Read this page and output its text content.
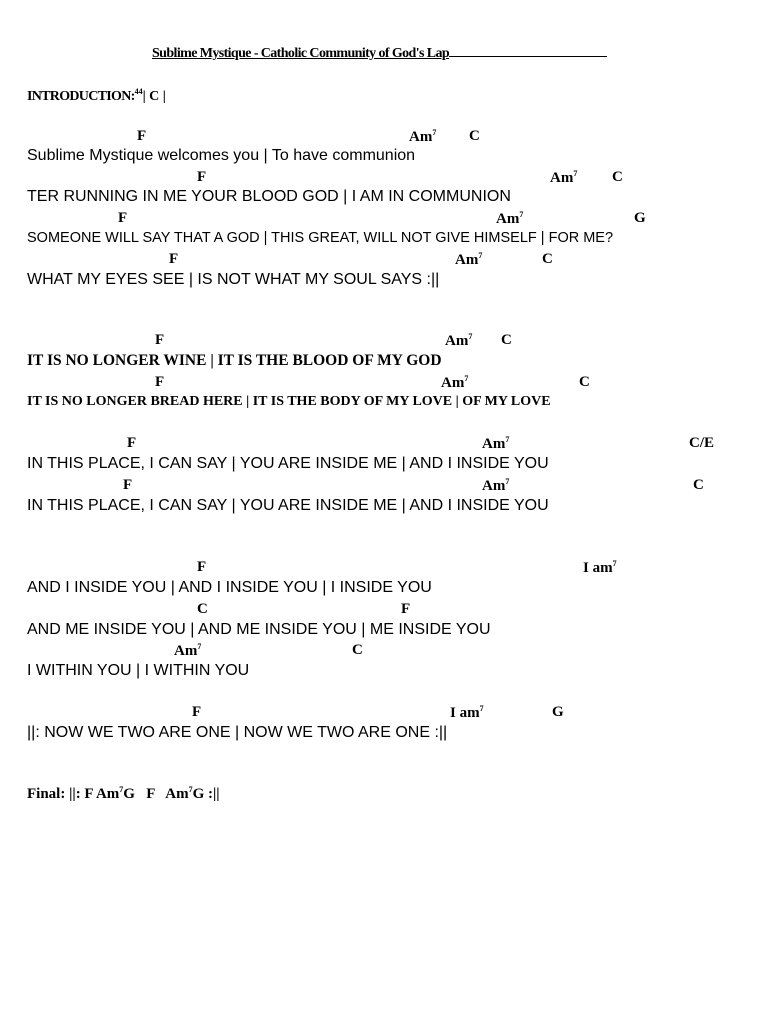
Sublime Mystique - Catholic Community of God's Lap
INTRODUCTION:$^{44}$| C |
F	Am$^7$ C
Sublime Mystique welcomes you | To have communion
F	Am$^7$ C
TER RUNNING IN ME YOUR BLOOD GOD | I AM IN COMMUNION
F	Am$^7$	G
SOMEONE WILL SAY THAT A GOD | THIS GREAT, WILL NOT GIVE HIMSELF | FOR ME?
F	Am$^7$	C
WHAT MY EYES SEE | IS NOT WHAT MY SOUL SAYS :||
F	Am$^7$ C
IT IS NO LONGER WINE | IT IS THE BLOOD OF MY GOD
F	Am$^7$	C
IT IS NO LONGER BREAD HERE | IT IS THE BODY OF MY LOVE | OF MY LOVE
F	Am$^7$	C/E
IN THIS PLACE, I CAN SAY | YOU ARE INSIDE ME | AND I INSIDE YOU
F	Am$^7$	C
IN THIS PLACE, I CAN SAY | YOU ARE INSIDE ME | AND I INSIDE YOU
F	I $am^7$
AND I INSIDE YOU | AND I INSIDE YOU | I INSIDE YOU
C	F
AND ME INSIDE YOU | AND ME INSIDE YOU | ME INSIDE YOU
Am$^7$	C
I WITHIN YOU | I WITHIN YOU
F	I $am^7$	G
||: NOW WE TWO ARE ONE | NOW WE TWO ARE ONE :||
Final: ||: F Am$^7$G   F   Am$^7$G :||
